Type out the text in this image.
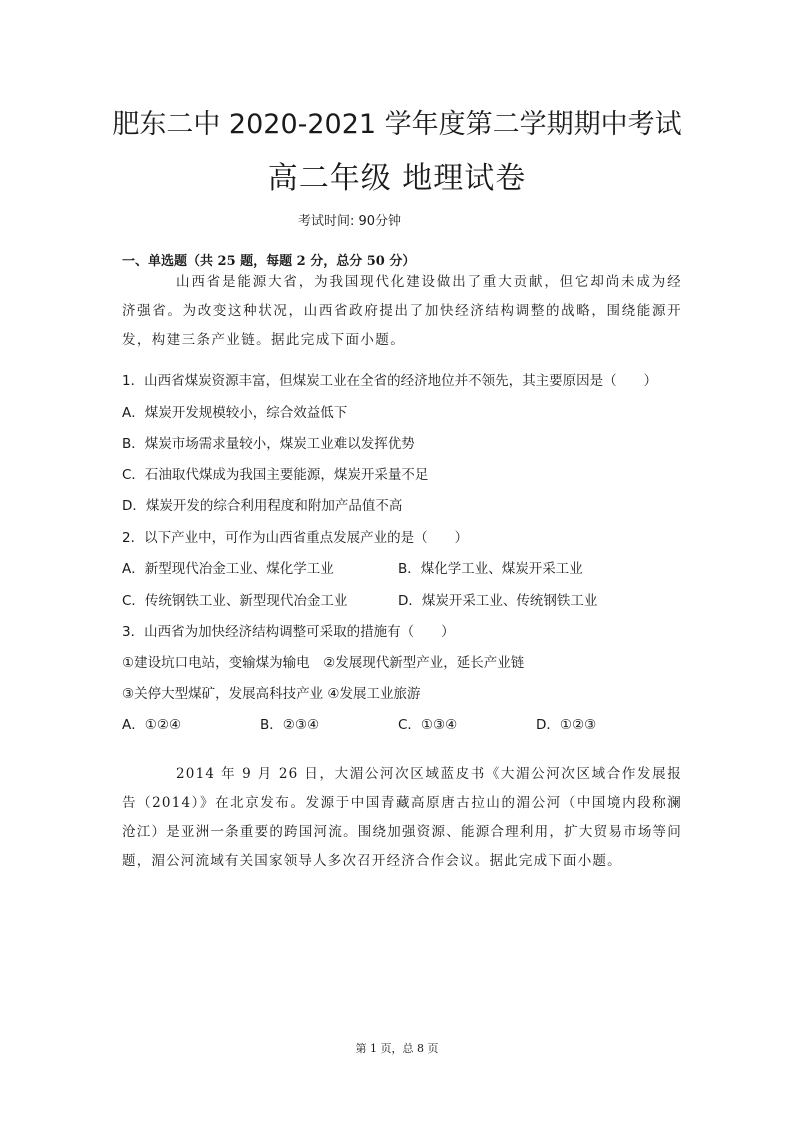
肥东二中 2020-2021 学年度第二学期期中考试
高二年级 地理试卷
考试时间: 90分钟
一、单选题（共 25 题，每题 2 分，总分 50 分）
山西省是能源大省，为我国现代化建设做出了重大贡献，但它却尚未成为经济强省。为改变这种状况，山西省政府提出了加快经济结构调整的战略，围绕能源开发，构建三条产业链。据此完成下面小题。
1．山西省煤炭资源丰富，但煤炭工业在全省的经济地位并不领先，其主要原因是（　　）
A．煤炭开发规模较小，综合效益低下
B．煤炭市场需求量较小，煤炭工业难以发挥优势
C．石油取代煤成为我国主要能源，煤炭开采量不足
D．煤炭开发的综合利用程度和附加产品值不高
2．以下产业中，可作为山西省重点发展产业的是（　　）
A．新型现代冶金工业、煤化学工业	B．煤化学工业、煤炭开采工业
C．传统钢铁工业、新型现代冶金工业	D．煤炭开采工业、传统钢铁工业
3．山西省为加快经济结构调整可采取的措施有（　　）
①建设坑口电站，变输煤为输电　②发展现代新型产业，延长产业链
③关停大型煤矿，发展高科技产业 ④发展工业旅游
A．①②④	B．②③④	C．①③④	D．①②③
2014 年 9 月 26 日，大湄公河次区域蓝皮书《大湄公河次区域合作发展报告（2014）》在北京发布。发源于中国青藏高原唐古拉山的湄公河（中国境内段称澜沧江）是亚洲一条重要的跨国河流。围绕加强资源、能源合理利用，扩大贸易市场等问题，湄公河流域有关国家领导人多次召开经济合作会议。据此完成下面小题。
第 1 页，总 8 页
